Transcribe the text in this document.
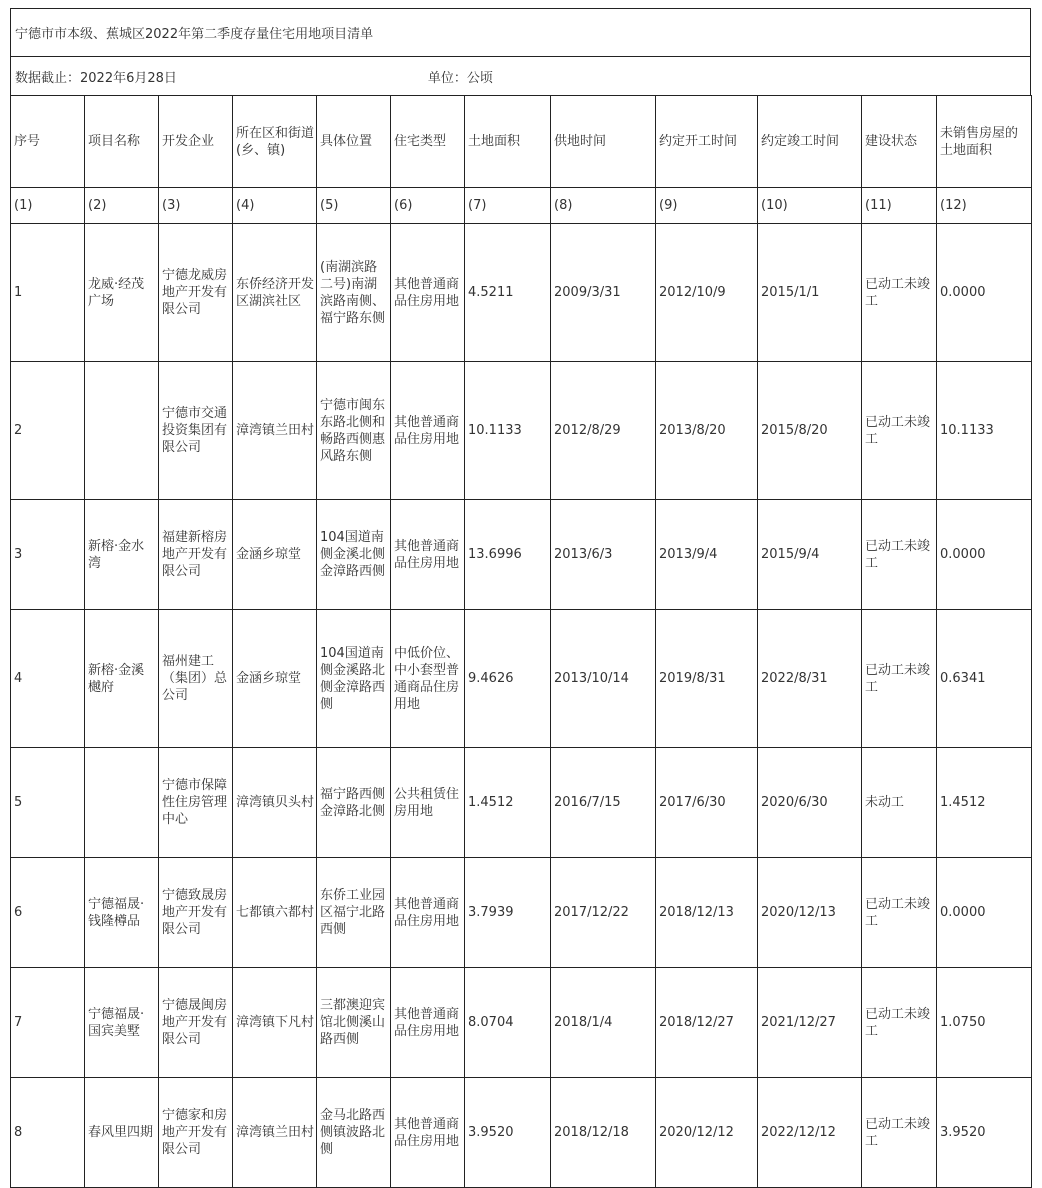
宁德市市本级、蕉城区2022年第二季度存量住宅用地项目清单
数据截止：2022年6月28日	单位：公顷
序号	项目名称	开发企业	所在区和街道(乡、镇)	具体位置	住宅类型	土地面积	供地时间	约定开工时间	约定竣工时间	建设状态	未销售房屋的土地面积
(1)	(2)	(3)	(4)	(5)	(6)	(7)	(8)	(9)	(10)	(11)	(12)
1	龙威·经茂广场	宁德龙威房地产开发有限公司	东侨经济开发区湖滨社区	(南湖滨路二号)南湖滨路南侧、福宁路东侧	其他普通商品住房用地	4.5211	2009/3/31	2012/10/9	2015/1/1	已动工未竣工	0.0000
2		宁德市交通投资集团有限公司	漳湾镇兰田村	宁德市闽东东路北侧和畅路西侧惠风路东侧	其他普通商品住房用地	10.1133	2012/8/29	2013/8/20	2015/8/20	已动工未竣工	10.1133
3	新榕·金水湾	福建新榕房地产开发有限公司	金涵乡琼堂	104国道南侧金溪北侧金漳路西侧	其他普通商品住房用地	13.6996	2013/6/3	2013/9/4	2015/9/4	已动工未竣工	0.0000
4	新榕·金溪樾府	福州建工（集团）总公司	金涵乡琼堂	104国道南侧金溪路北侧金漳路西侧	中低价位、中小套型普通商品住房用地	9.4626	2013/10/14	2019/8/31	2022/8/31	已动工未竣工	0.6341
5		宁德市保障性住房管理中心	漳湾镇贝头村	福宁路西侧金漳路北侧	公共租赁住房用地	1.4512	2016/7/15	2017/6/30	2020/6/30	未动工	1.4512
6	宁德福晟·钱隆樽品	宁德致晟房地产开发有限公司	七都镇六都村	东侨工业园区福宁北路西侧	其他普通商品住房用地	3.7939	2017/12/22	2018/12/13	2020/12/13	已动工未竣工	0.0000
7	宁德福晟·国宾美墅	宁德晟闽房地产开发有限公司	漳湾镇下凡村	三都澳迎宾馆北侧溪山路西侧	其他普通商品住房用地	8.0704	2018/1/4	2018/12/27	2021/12/27	已动工未竣工	1.0750
8	春风里四期	宁德家和房地产开发有限公司	漳湾镇兰田村	金马北路西侧镇波路北侧	其他普通商品住房用地	3.9520	2018/12/18	2020/12/12	2022/12/12	已动工未竣工	3.9520
